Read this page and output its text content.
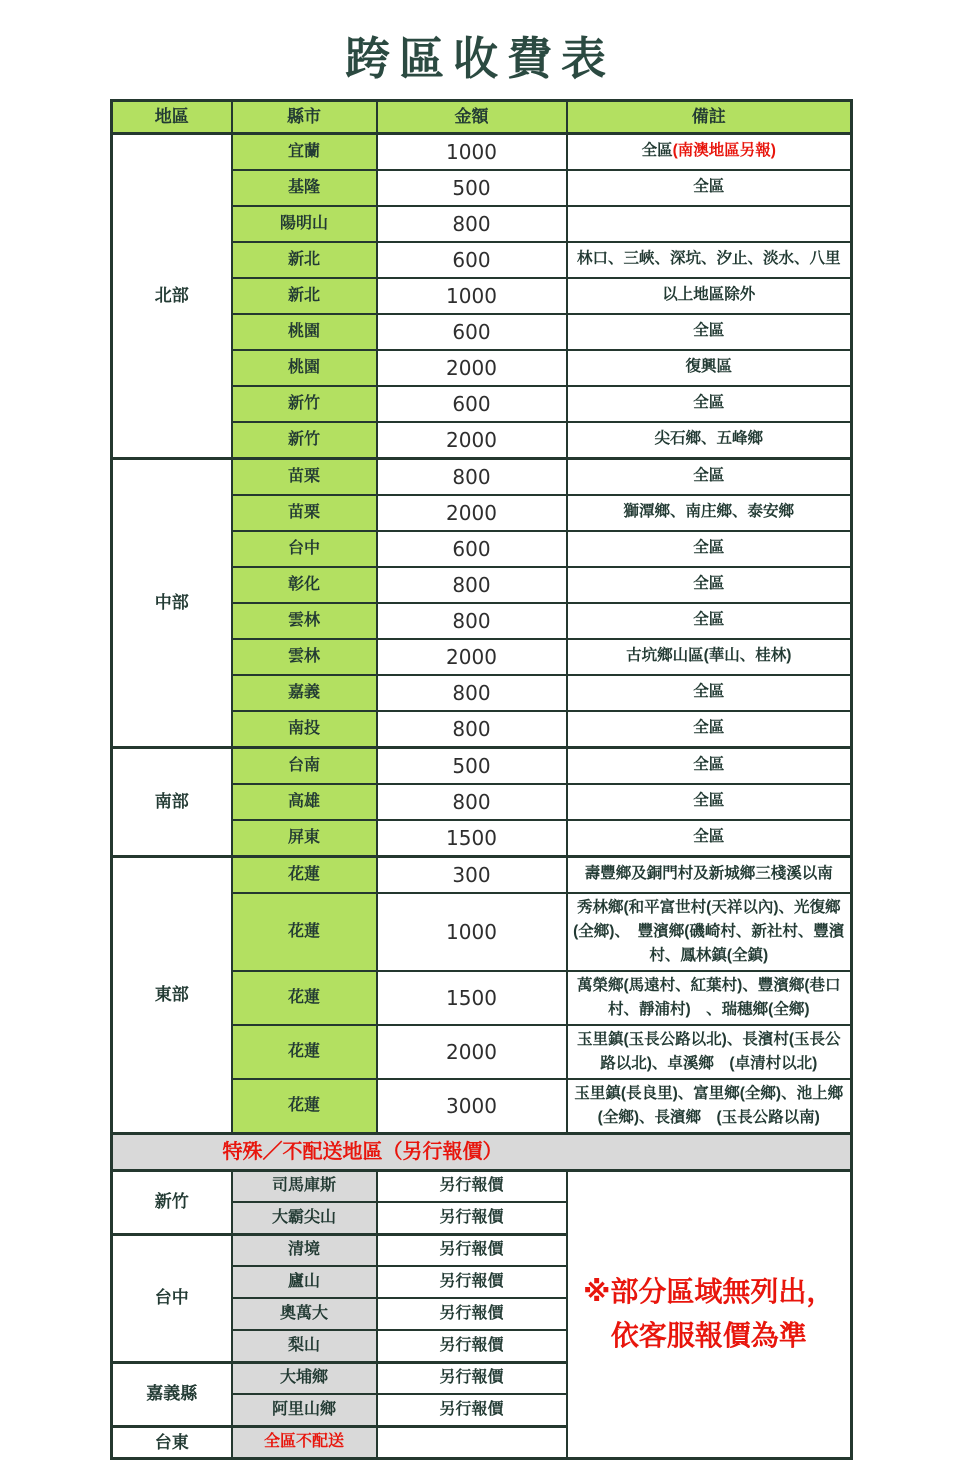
跨區收費表
地區	縣市	金額	備註
北部	宜蘭	1000	全區(南澳地區另報)
	基隆	500	全區
	陽明山	800	
	新北	600	林口、三峽、深坑、汐止、淡水、八里
	新北	1000	以上地區除外
	桃園	600	全區
	桃園	2000	復興區
	新竹	600	全區
	新竹	2000	尖石鄉、五峰鄉
中部	苗栗	800	全區
	苗栗	2000	獅潭鄉、南庄鄉、泰安鄉
	台中	600	全區
	彰化	800	全區
	雲林	800	全區
	雲林	2000	古坑鄉山區(華山、桂林)
	嘉義	800	全區
	南投	800	全區
南部	台南	500	全區
	高雄	800	全區
	屏東	1500	全區
東部	花蓮	300	壽豐鄉及銅門村及新城鄉三棧溪以南
	花蓮	1000	秀林鄉(和平富世村(天祥以內)、光復鄉(全鄉)、　豐濱鄉(磯崎村、新社村、豐濱村、鳳林鎮(全鎮)
	花蓮	1500	萬榮鄉(馬遠村、紅葉村)、豐濱鄉(巷口村、靜浦村)　、瑞穗鄉(全鄉)
	花蓮	2000	玉里鎮(玉長公路以北)、長濱村(玉長公路以北)、卓溪鄉　(卓清村以北)
	花蓮	3000	玉里鎮(長良里)、富里鄉(全鄉)、池上鄉(全鄉)、長濱鄉　(玉長公路以南)
特殊／不配送地區（另行報價）			
新竹	司馬庫斯	另行報價	※部分區域無列出，
依客服報價為準

	大霸尖山	另行報價	
台中	清境	另行報價	
	廬山	另行報價	
	奧萬大	另行報價	
	梨山	另行報價	
嘉義縣	大埔鄉	另行報價	
	阿里山鄉	另行報價	
台東	全區不配送		
